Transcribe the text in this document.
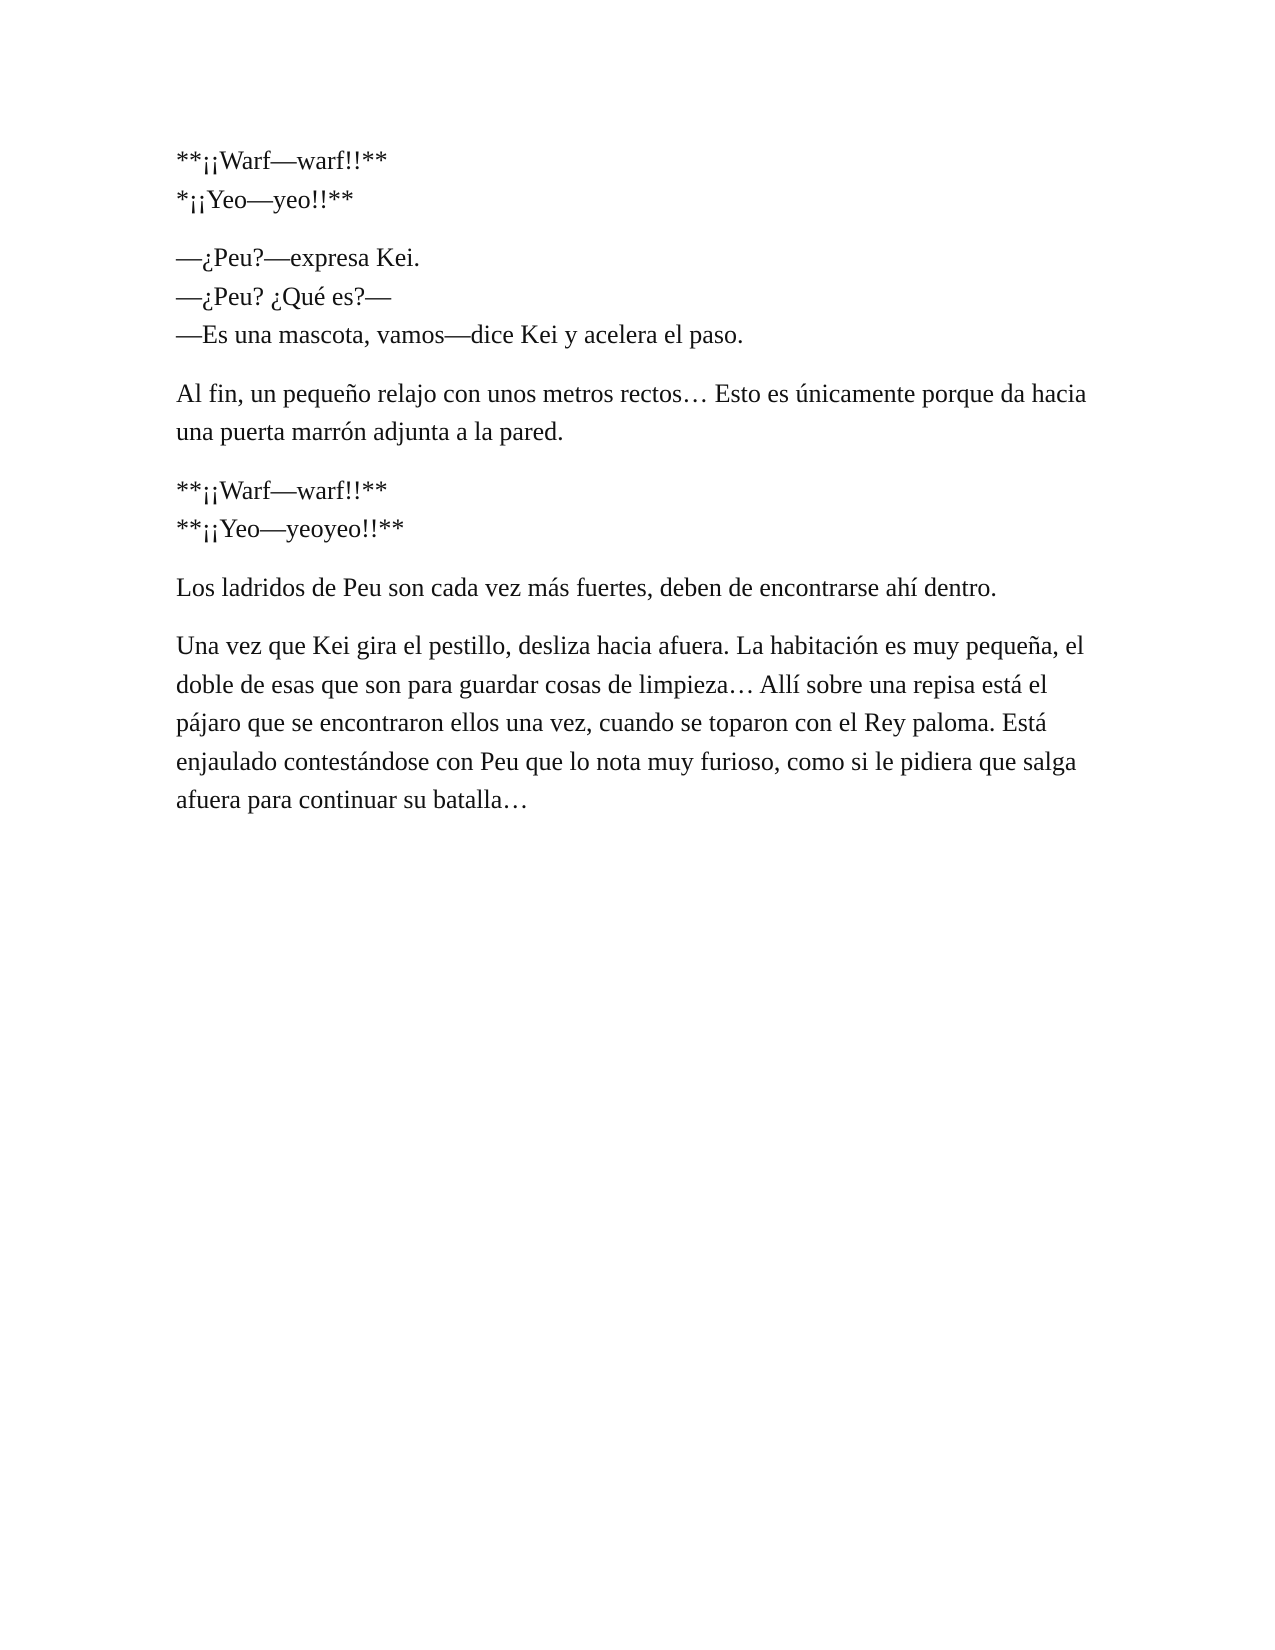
**¡¡Warf—warf!!**
*¡¡Yeo—yeo!!**
—¿Peu?—expresa Kei.
—¿Peu? ¿Qué es?—
—Es una mascota, vamos—dice Kei y acelera el paso.
Al fin, un pequeño relajo con unos metros rectos… Esto es únicamente porque da hacia una puerta marrón adjunta a la pared.
**¡¡Warf—warf!!**
**¡¡Yeo—yeoyeo!!**
Los ladridos de Peu son cada vez más fuertes, deben de encontrarse ahí dentro.
Una vez que Kei gira el pestillo, desliza hacia afuera. La habitación es muy pequeña, el doble de esas que son para guardar cosas de limpieza… Allí sobre una repisa está el pájaro que se encontraron ellos una vez, cuando se toparon con el Rey paloma. Está enjaulado contestándose con Peu que lo nota muy furioso, como si le pidiera que salga afuera para continuar su batalla…
